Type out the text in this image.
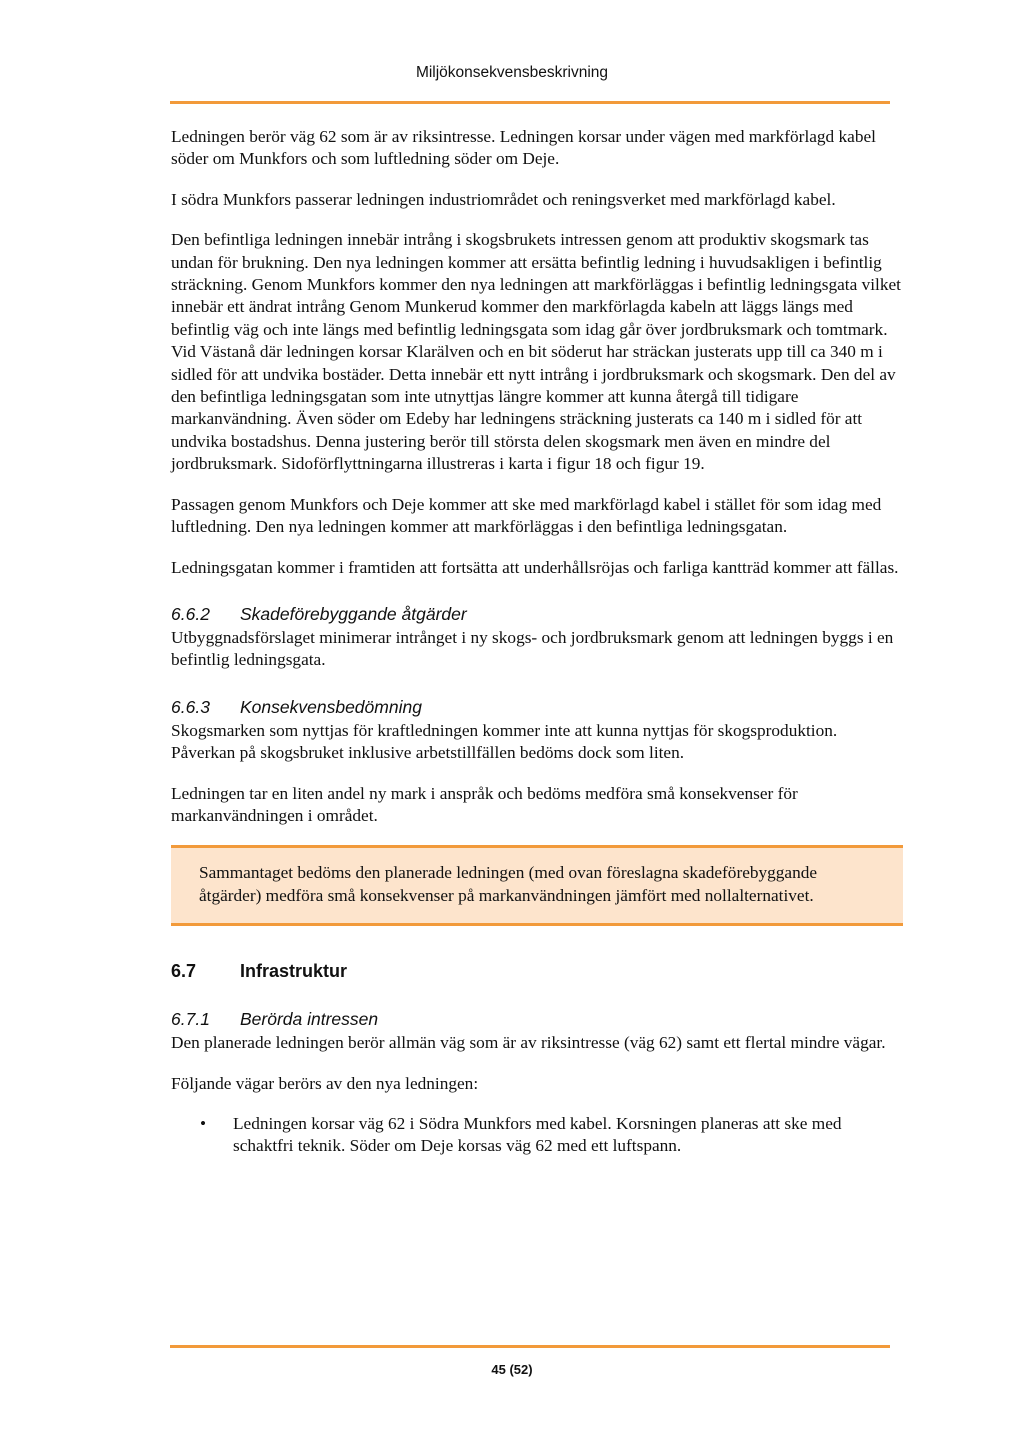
Miljökonsekvensbeskrivning

Ledningen berör väg 62 som är av riksintresse. Ledningen korsar under vägen med markförlagd kabel söder om Munkfors och som luftledning söder om Deje.

I södra Munkfors passerar ledningen industriområdet och reningsverket med markförlagd kabel.

Den befintliga ledningen innebär intrång i skogsbrukets intressen genom att produktiv skogsmark tas undan för brukning. Den nya ledningen kommer att ersätta befintlig ledning i huvudsakligen i befintlig sträckning. Genom Munkfors kommer den nya ledningen att markförläggas i befintlig ledningsgata vilket innebär ett ändrat intrång Genom Munkerud kommer den markförlagda kabeln att läggs längs med befintlig väg och inte längs med befintlig ledningsgata som idag går över jordbruksmark och tomtmark. Vid Västanå där ledningen korsar Klarälven och en bit söderut har sträckan justerats upp till ca 340 m i sidled för att undvika bostäder. Detta innebär ett nytt intrång i jordbruksmark och skogsmark. Den del av den befintliga ledningsgatan som inte utnyttjas längre kommer att kunna återgå till tidigare markanvändning. Även söder om Edeby har ledningens sträckning justerats ca 140 m i sidled för att undvika bostadshus. Denna justering berör till största delen skogsmark men även en mindre del jordbruksmark. Sidoförflyttningarna illustreras i karta i figur 18 och figur 19.

Passagen genom Munkfors och Deje kommer att ske med markförlagd kabel i stället för som idag med luftledning. Den nya ledningen kommer att markförläggas i den befintliga ledningsgatan.

Ledningsgatan kommer i framtiden att fortsätta att underhållsröjas och farliga kantträd kommer att fällas.

6.6.2 Skadeförebyggande åtgärder

Utbyggnadsförslaget minimerar intrånget i ny skogs- och jordbruksmark genom att ledningen byggs i en befintlig ledningsgata.

6.6.3 Konsekvensbedömning

Skogsmarken som nyttjas för kraftledningen kommer inte att kunna nyttjas för skogsproduktion. Påverkan på skogsbruket inklusive arbetstillfällen bedöms dock som liten.

Ledningen tar en liten andel ny mark i anspråk och bedöms medföra små konsekvenser för markanvändningen i området.

Sammantaget bedöms den planerade ledningen (med ovan föreslagna skadeförebyggande åtgärder) medföra små konsekvenser på markanvändningen jämfört med nollalternativet.

6.7 Infrastruktur
6.7.1 Berörda intressen

Den planerade ledningen berör allmän väg som är av riksintresse (väg 62) samt ett flertal mindre vägar.

Följande vägar berörs av den nya ledningen:

• Ledningen korsar väg 62 i Södra Munkfors med kabel. Korsningen planeras att ske med schaktfri teknik. Söder om Deje korsas väg 62 med ett luftspann.
45 (52)
